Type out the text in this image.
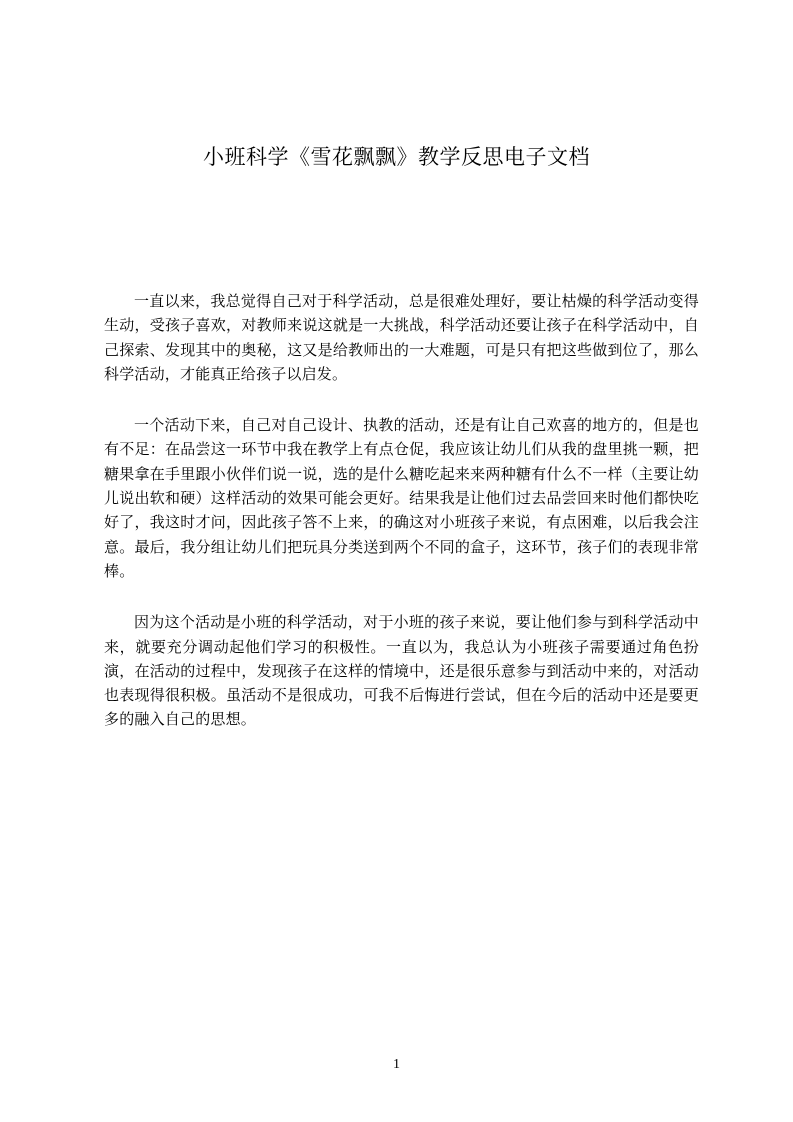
小班科学《雪花飘飘》教学反思电子文档

一直以来，我总觉得自己对于科学活动，总是很难处理好，要让枯燥的科学活动变得生动，受孩子喜欢，对教师来说这就是一大挑战，科学活动还要让孩子在科学活动中，自己探索、发现其中的奥秘，这又是给教师出的一大难题，可是只有把这些做到位了，那么科学活动，才能真正给孩子以启发。

一个活动下来，自己对自己设计、执教的活动，还是有让自己欢喜的地方的，但是也有不足：在品尝这一环节中我在教学上有点仓促，我应该让幼儿们从我的盘里挑一颗，把糖果拿在手里跟小伙伴们说一说，选的是什么糖吃起来来两种糖有什么不一样（主要让幼儿说出软和硬）这样活动的效果可能会更好。结果我是让他们过去品尝回来时他们都快吃好了，我这时才问，因此孩子答不上来，的确这对小班孩子来说，有点困难，以后我会注意。最后，我分组让幼儿们把玩具分类送到两个不同的盒子，这环节，孩子们的表现非常棒。

因为这个活动是小班的科学活动，对于小班的孩子来说，要让他们参与到科学活动中来，就要充分调动起他们学习的积极性。一直以为，我总认为小班孩子需要通过角色扮演，在活动的过程中，发现孩子在这样的情境中，还是很乐意参与到活动中来的，对活动也表现得很积极。虽活动不是很成功，可我不后悔进行尝试，但在今后的活动中还是要更多的融入自己的思想。

1
